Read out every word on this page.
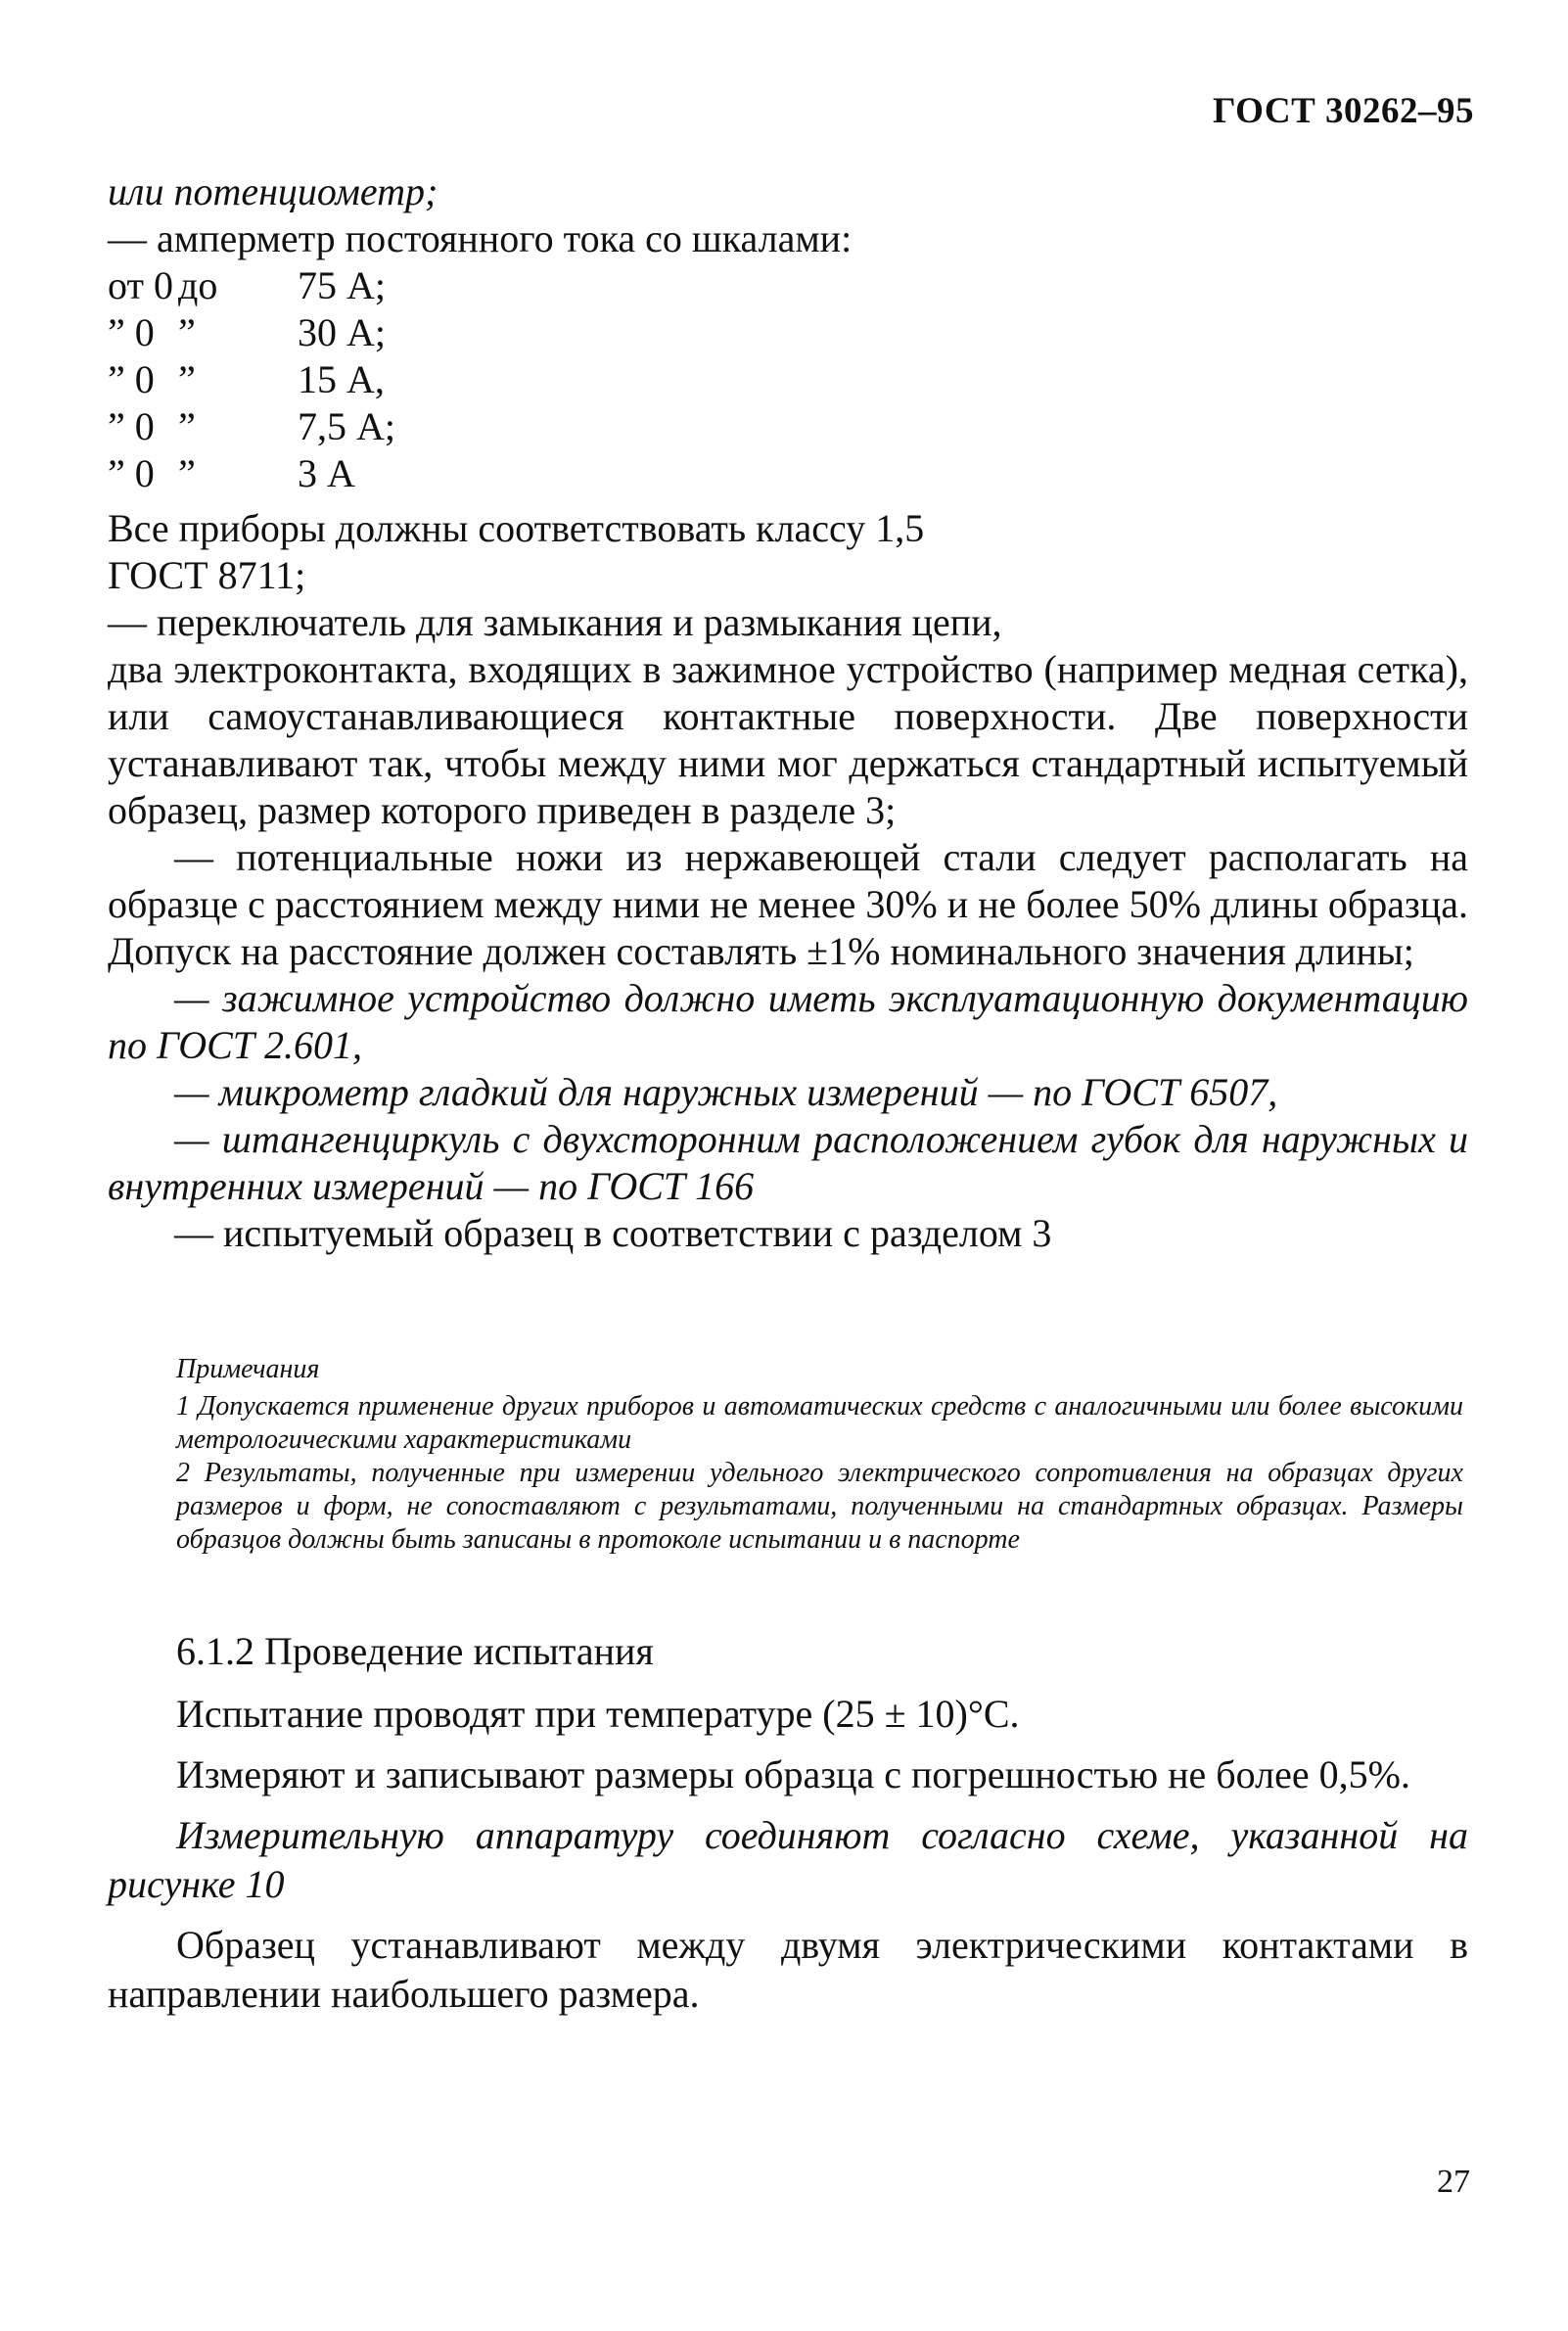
ГОСТ 30262–95

или потенциометр;

— амперметр постоянного тока со шкалами:

от 0 до 75 А;
” 0 ”	30 А;
” 0 ”	15 А,
” 0 ”	7,5 А;
” 0 ”	3 А

Все приборы должны соответствовать классу 1,5

ГОСТ 8711;

— переключатель для замыкания и размыкания цепи,

два электроконтакта, входящих в зажимное устройство (например медная сетка), или самоустанавливающиеся контактные поверхности. Две поверхности устанавливают так, чтобы между ними мог держаться стандартный испытуемый образец, размер которого приведен в разделе 3;

— потенциальные ножи из нержавеющей стали следует располагать на образце с расстоянием между ними не менее 30% и не более 50% длины образца. Допуск на расстояние должен составлять ±1% номинального значения длины;

— зажимное устройство должно иметь эксплуатационную документацию по ГОСТ 2.601,

— микрометр гладкий для наружных измерений — по ГОСТ 6507,

— штангенциркуль с двухсторонним расположением губок для наружных и внутренних измерений — по ГОСТ 166

— испытуемый образец в соответствии с разделом 3

Примечания

1 Допускается применение других приборов и автоматических средств с аналогичными или более высокими метрологическими характеристиками

2 Результаты, полученные при измерении удельного электрического сопротивления на образцах других размеров и форм, не сопоставляют с результатами, полученными на стандартных образцах. Размеры образцов должны быть записаны в протоколе испытании и в паспорте

6.1.2 Проведение испытания

Испытание проводят при температуре (25 ± 10)°С.

Измеряют и записывают размеры образца с погрешностью не более 0,5%.

Измерительную аппаратуру соединяют согласно схеме, указанной на рисунке 10

Образец устанавливают между двумя электрическими контактами в направлении наибольшего размера.

27
